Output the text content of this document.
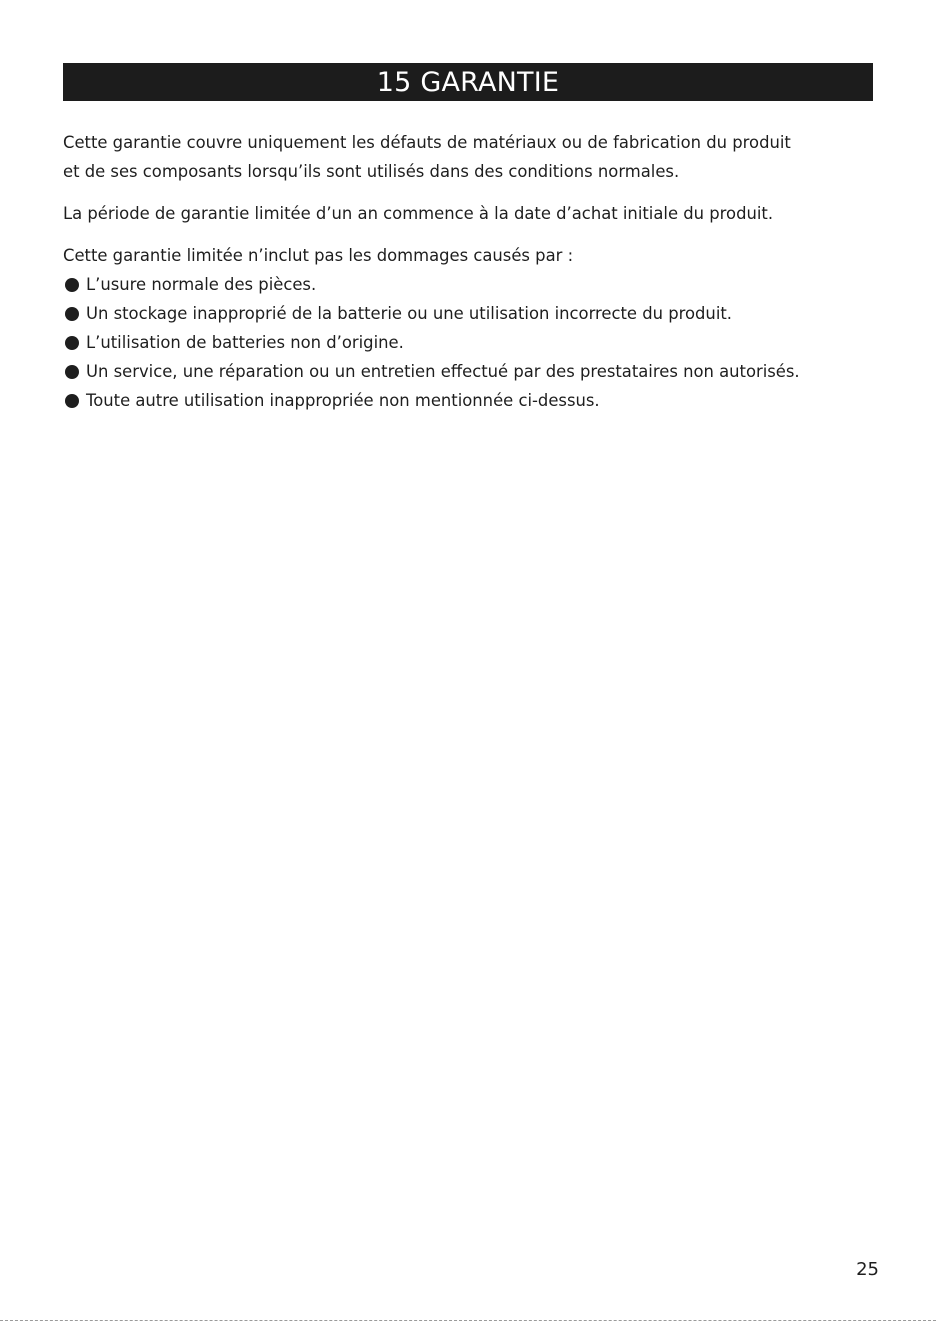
15 GARANTIE

Cette garantie couvre uniquement les défauts de matériaux ou de fabrication du produit
et de ses composants lorsqu’ils sont utilisés dans des conditions normales.

La période de garantie limitée d’un an commence à la date d’achat initiale du produit.

Cette garantie limitée n’inclut pas les dommages causés par :
L’usure normale des pièces.
Un stockage inapproprié de la batterie ou une utilisation incorrecte du produit.
L’utilisation de batteries non d’origine.
Un service, une réparation ou un entretien effectué par des prestataires non autorisés.
Toute autre utilisation inappropriée non mentionnée ci-dessus.
25
